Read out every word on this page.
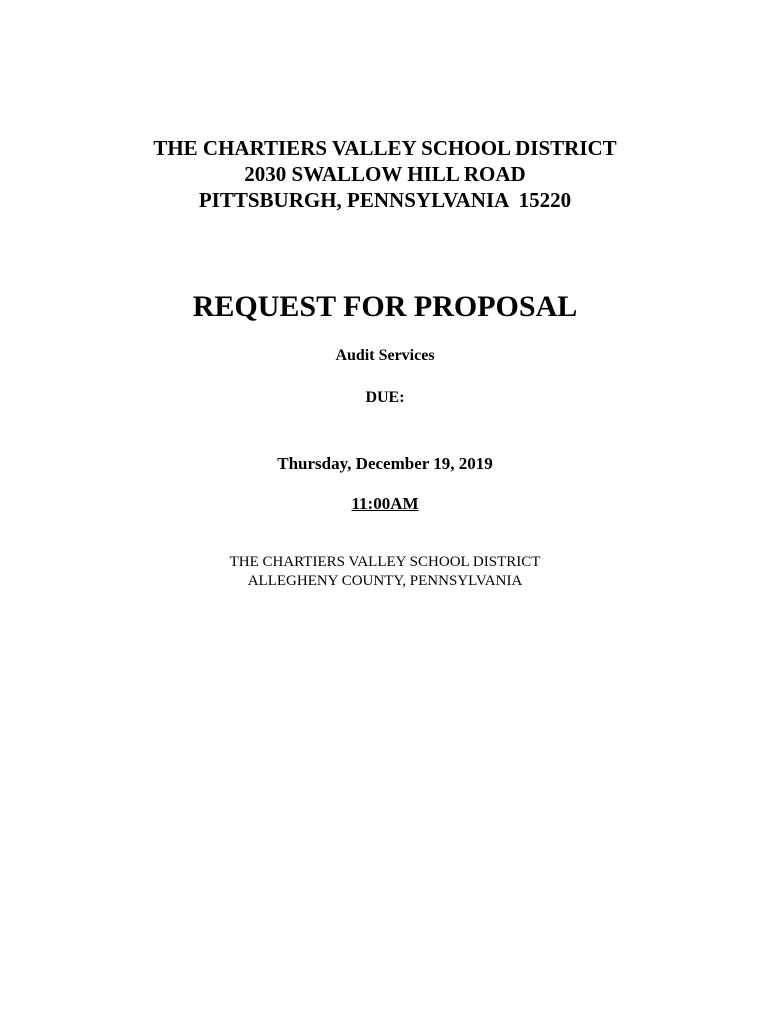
THE CHARTIERS VALLEY SCHOOL DISTRICT
2030 SWALLOW HILL ROAD
PITTSBURGH, PENNSYLVANIA  15220
REQUEST FOR PROPOSAL
Audit Services
DUE:
Thursday, December 19, 2019
11:00AM
THE CHARTIERS VALLEY SCHOOL DISTRICT
ALLEGHENY COUNTY, PENNSYLVANIA
